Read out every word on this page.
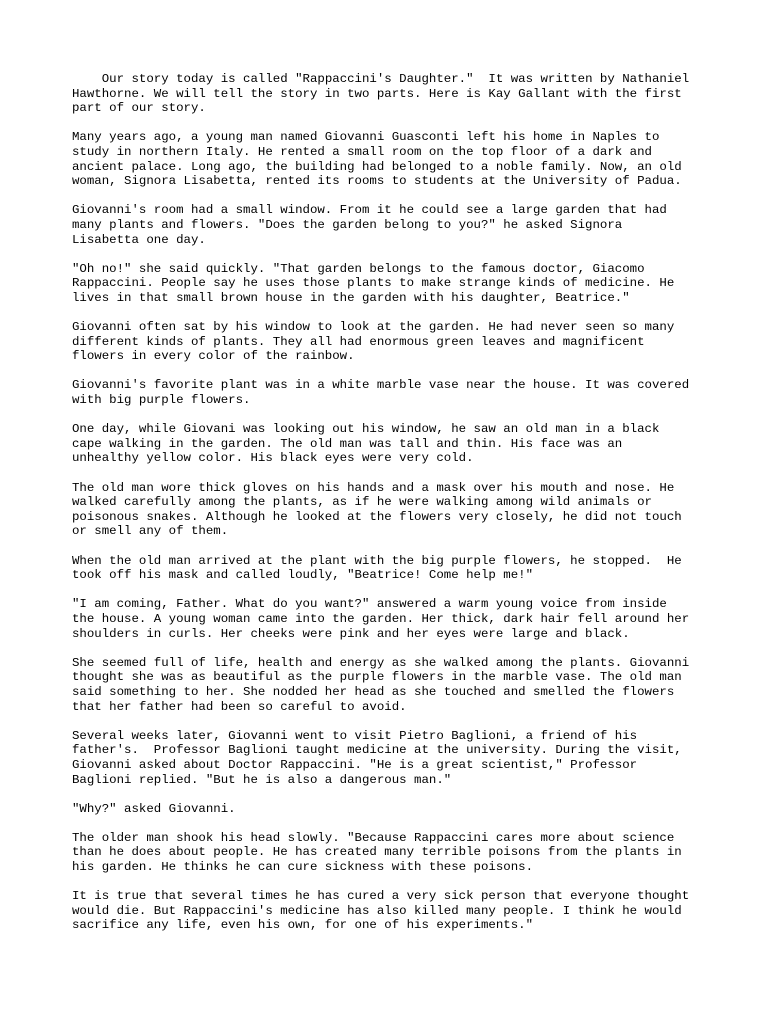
Our story today is called "Rappaccini's Daughter."  It was written by Nathaniel
Hawthorne. We will tell the story in two parts. Here is Kay Gallant with the first
part of our story.

Many years ago, a young man named Giovanni Guasconti left his home in Naples to
study in northern Italy. He rented a small room on the top floor of a dark and
ancient palace. Long ago, the building had belonged to a noble family. Now, an old
woman, Signora Lisabetta, rented its rooms to students at the University of Padua.

Giovanni's room had a small window. From it he could see a large garden that had
many plants and flowers. "Does the garden belong to you?" he asked Signora
Lisabetta one day.

"Oh no!" she said quickly. "That garden belongs to the famous doctor, Giacomo
Rappaccini. People say he uses those plants to make strange kinds of medicine. He
lives in that small brown house in the garden with his daughter, Beatrice."

Giovanni often sat by his window to look at the garden. He had never seen so many
different kinds of plants. They all had enormous green leaves and magnificent
flowers in every color of the rainbow.

Giovanni's favorite plant was in a white marble vase near the house. It was covered
with big purple flowers.

One day, while Giovani was looking out his window, he saw an old man in a black
cape walking in the garden. The old man was tall and thin. His face was an
unhealthy yellow color. His black eyes were very cold.

The old man wore thick gloves on his hands and a mask over his mouth and nose. He
walked carefully among the plants, as if he were walking among wild animals or
poisonous snakes. Although he looked at the flowers very closely, he did not touch
or smell any of them.

When the old man arrived at the plant with the big purple flowers, he stopped.  He
took off his mask and called loudly, "Beatrice! Come help me!"

"I am coming, Father. What do you want?" answered a warm young voice from inside
the house. A young woman came into the garden. Her thick, dark hair fell around her
shoulders in curls. Her cheeks were pink and her eyes were large and black.

She seemed full of life, health and energy as she walked among the plants. Giovanni
thought she was as beautiful as the purple flowers in the marble vase. The old man
said something to her. She nodded her head as she touched and smelled the flowers
that her father had been so careful to avoid.

Several weeks later, Giovanni went to visit Pietro Baglioni, a friend of his
father's.  Professor Baglioni taught medicine at the university. During the visit,
Giovanni asked about Doctor Rappaccini. "He is a great scientist," Professor
Baglioni replied. "But he is also a dangerous man."

"Why?" asked Giovanni.

The older man shook his head slowly. "Because Rappaccini cares more about science
than he does about people. He has created many terrible poisons from the plants in
his garden. He thinks he can cure sickness with these poisons.

It is true that several times he has cured a very sick person that everyone thought
would die. But Rappaccini's medicine has also killed many people. I think he would
sacrifice any life, even his own, for one of his experiments."
